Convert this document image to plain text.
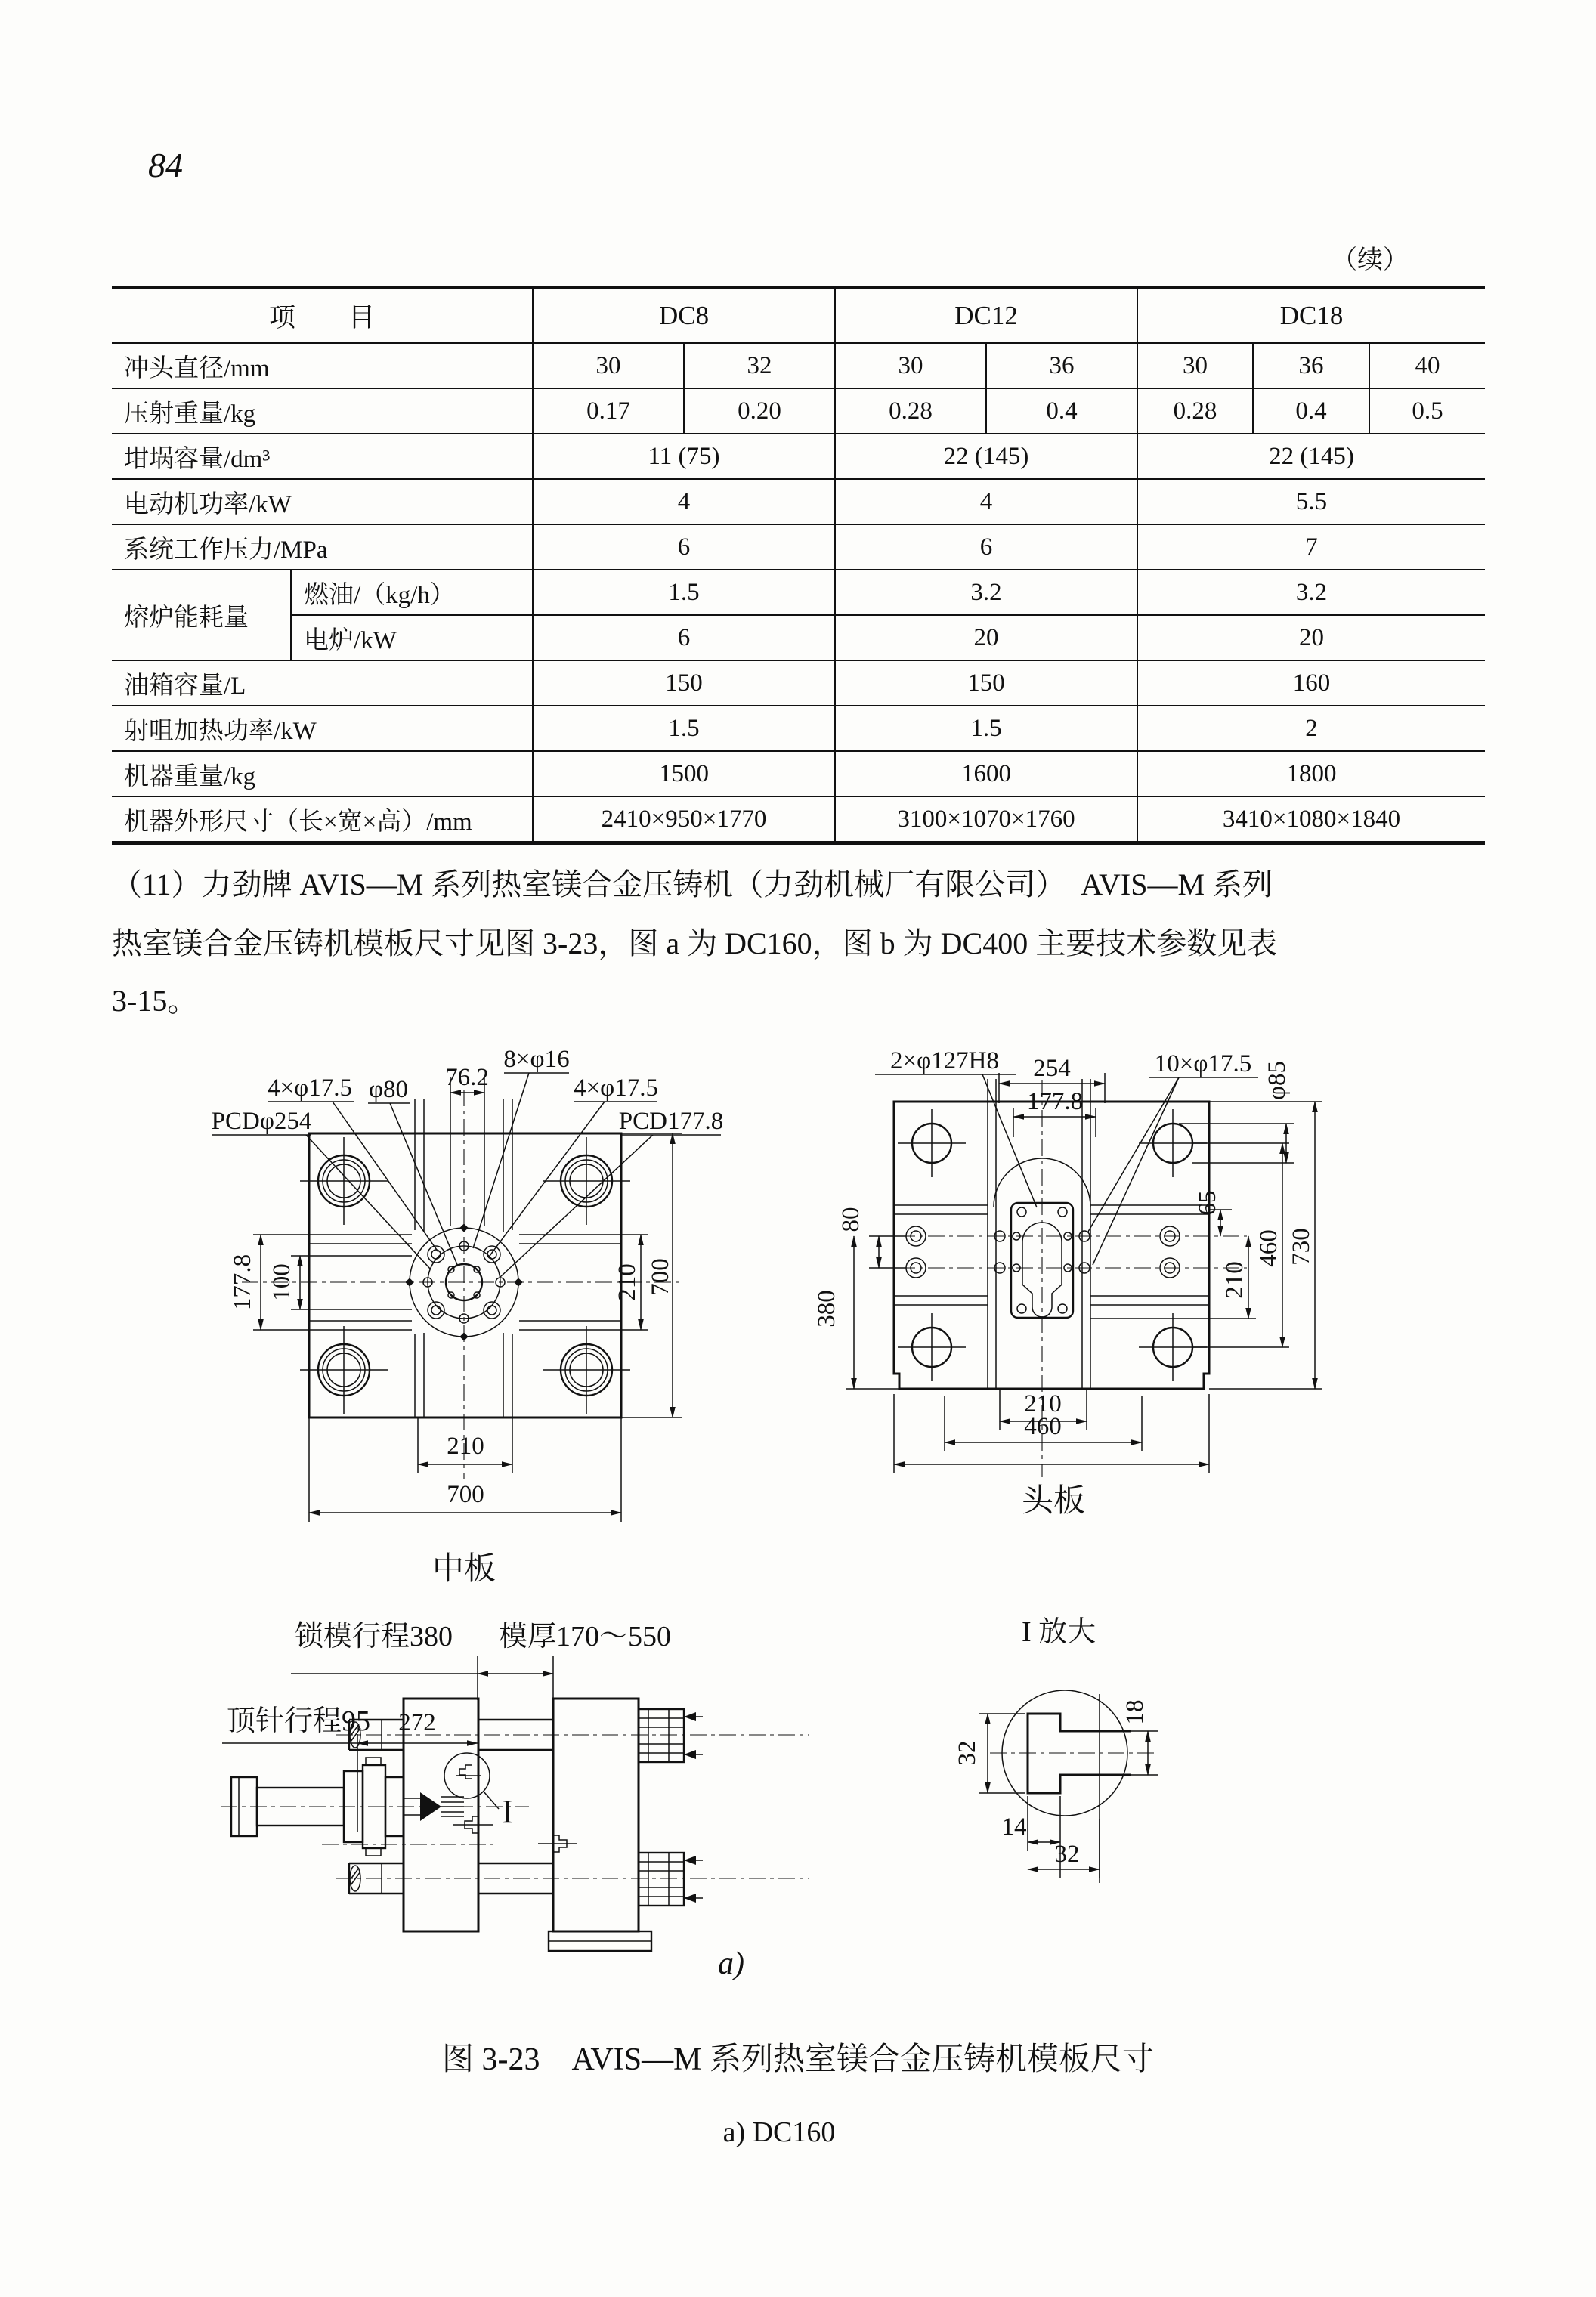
84
（续）
项　　目		DC8		DC12		DC18		
冲头直径/mm		30	32	30	36	30	36	40
压射重量/kg		0.17	0.20	0.28	0.4	0.28	0.4	0.5
坩埚容量/dm³		11 (75)		22 (145)		22 (145)		
电动机功率/kW		4		4		5.5		
系统工作压力/MPa		6		6		7		
熔炉能耗量	燃油/（kg/h）	1.5		3.2		3.2		
	电炉/kW	6		20		20		
油箱容量/L		150		150		160		
射咀加热功率/kW		1.5		1.5		2		
机器重量/kg		1500		1600		1800		
机器外形尺寸（长×宽×高）/mm		2410×950×1770		3100×1070×1760		3410×1080×1840		
（11）力劲牌 AVIS—M 系列热室镁合金压铸机（力劲机械厂有限公司）　AVIS—M 系列
热室镁合金压铸机模板尺寸见图 3-23，图 a 为 DC160，图 b 为 DC400 主要技术参数见表
3-15。
4×φ17.5 φ80 76.2
8×φ16
4×φ17.5
PCDφ254	PCD177.8
177.8 100	210 700
210
700
中板
254
177.8
2×φ127H8	10×φ17.5 φ85
80
380
65
210
460 730
210
460
头板
锁模行程380 模厚170～550
顶针行程95 272
I
a)
I 放大
32
18
14
32
图 3-23　AVIS—M 系列热室镁合金压铸机模板尺寸
a) DC160
